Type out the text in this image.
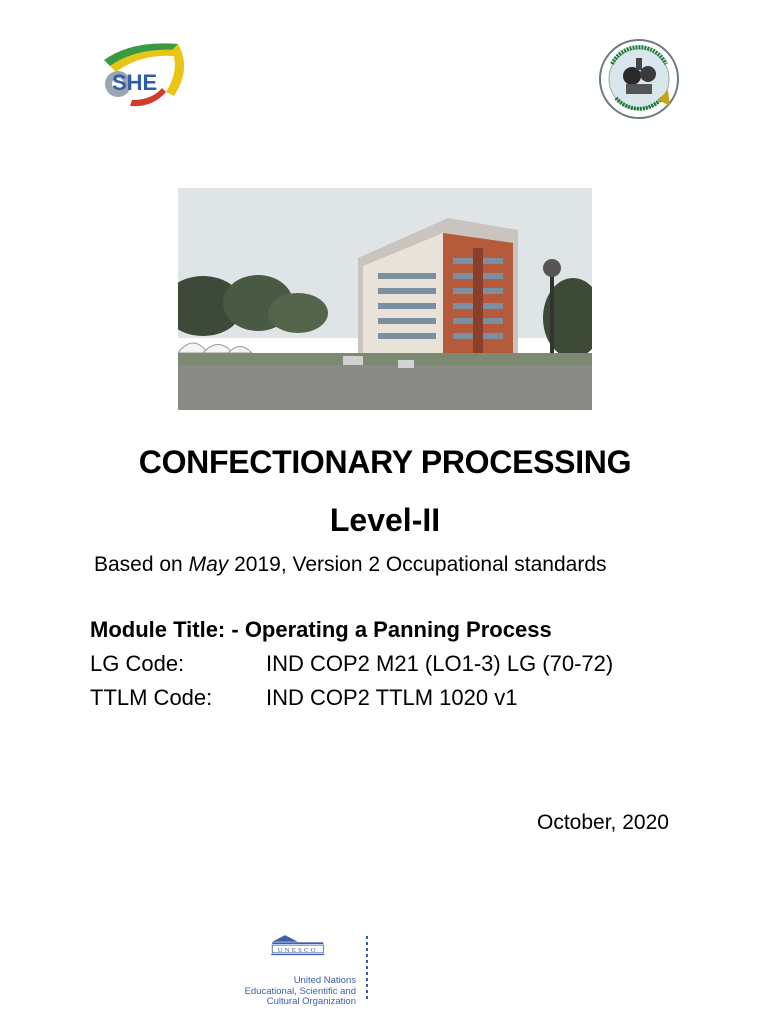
SHE
CONFECTIONARY PROCESSING
Level-II
Based on May 2019, Version 2 Occupational standards
Module Title: - Operating a Panning Process
LG Code:	IND COP2 M21 (LO1-3) LG (70-72)
TTLM Code: IND COP2 TTLM 1020 v1
October, 2020
UNESCO
United Nations
Educational, Scientific and
Cultural Organization
